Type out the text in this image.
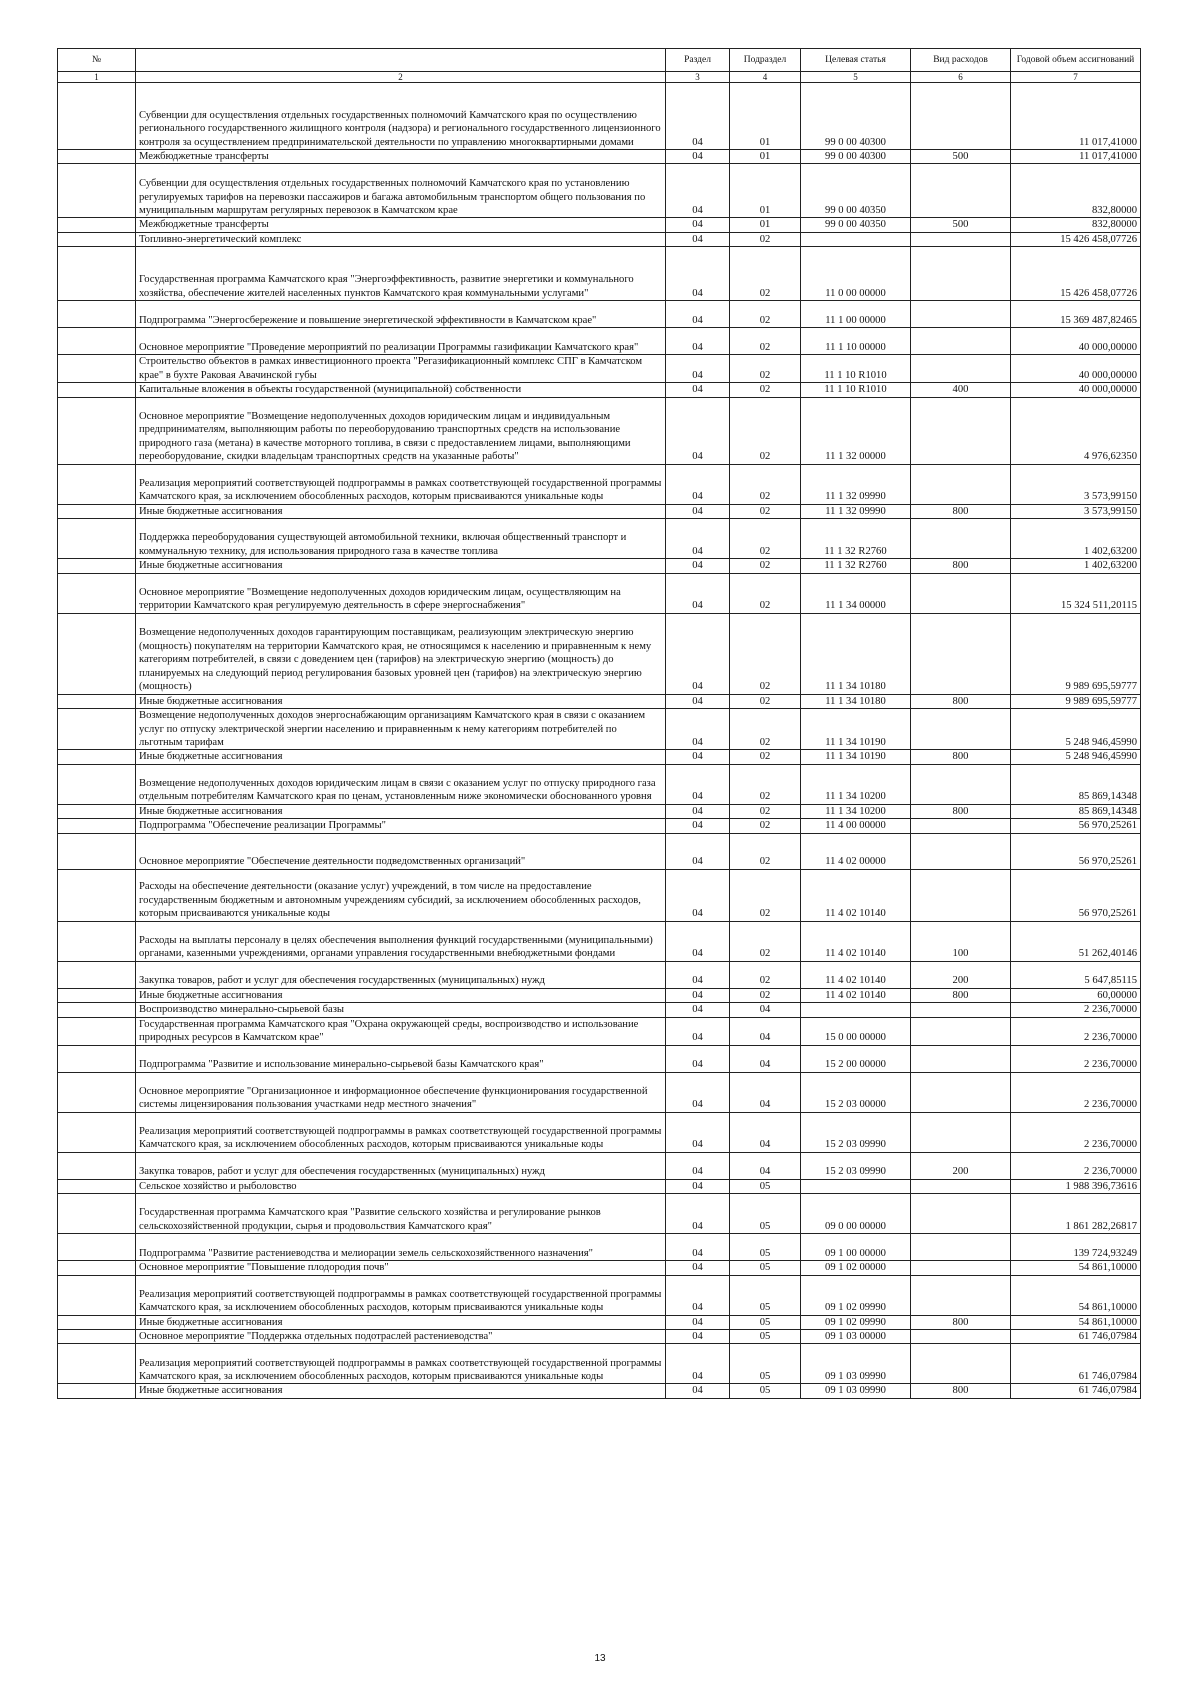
№		Раздел	Подраздел	Целевая статья	Вид расходов	Годовой объем ассигнований
1	2	3	4	5	6	7
	Субвенции для осуществления отдельных государственных полномочий Камчатского края по осуществлению регионального государственного жилищного контроля (надзора) и регионального государственного лицензионного контроля за осуществлением предпринимательской деятельности по управлению многоквартирными домами	04	01	99 0 00 40300		11 017,41000
	Межбюджетные трансферты	04	01	99 0 00 40300	500	11 017,41000
	Субвенции для осуществления отдельных государственных полномочий Камчатского края по установлению регулируемых тарифов на перевозки пассажиров и багажа автомобильным транспортом общего пользования по муниципальным маршрутам регулярных перевозок в Камчатском крае	04	01	99 0 00 40350		832,80000
	Межбюджетные трансферты	04	01	99 0 00 40350	500	832,80000
	Топливно-энергетический комплекс	04	02			15 426 458,07726
	Государственная программа Камчатского края "Энергоэффективность, развитие энергетики и коммунального хозяйства, обеспечение жителей населенных пунктов Камчатского края коммунальными услугами"	04	02	11 0 00 00000		15 426 458,07726
	Подпрограмма "Энергосбережение и повышение энергетической эффективности в Камчатском крае"	04	02	11 1 00 00000		15 369 487,82465
	Основное мероприятие "Проведение мероприятий по реализации Программы газификации Камчатского края"	04	02	11 1 10 00000		40 000,00000
	Строительство объектов в рамках инвестиционного проекта "Регазификационный комплекс СПГ в Камчатском крае" в бухте Раковая Авачинской губы	04	02	11 1 10 R1010		40 000,00000
	Капитальные вложения в объекты государственной (муниципальной) собственности	04	02	11 1 10 R1010	400	40 000,00000
	Основное мероприятие "Возмещение недополученных доходов юридическим лицам и индивидуальным предпринимателям, выполняющим работы по переоборудованию транспортных средств на использование природного газа (метана) в качестве моторного топлива, в связи с предоставлением лицами, выполняющими переоборудование, скидки владельцам транспортных средств на указанные работы"	04	02	11 1 32 00000		4 976,62350
	Реализация мероприятий соответствующей подпрограммы в рамках соответствующей государственной программы Камчатского края, за исключением обособленных расходов, которым присваиваются уникальные коды	04	02	11 1 32 09990		3 573,99150
	Иные бюджетные ассигнования	04	02	11 1 32 09990	800	3 573,99150
	Поддержка переоборудования существующей автомобильной техники, включая общественный транспорт и коммунальную технику, для использования природного газа в качестве топлива	04	02	11 1 32 R2760		1 402,63200
	Иные бюджетные ассигнования	04	02	11 1 32 R2760	800	1 402,63200
	Основное мероприятие "Возмещение недополученных доходов юридическим лицам, осуществляющим на территории Камчатского края регулируемую деятельность в сфере энергоснабжения"	04	02	11 1 34 00000		15 324 511,20115
	Возмещение недополученных доходов гарантирующим поставщикам, реализующим электрическую энергию (мощность) покупателям на территории Камчатского края, не относящимся к населению и приравненным к нему категориям потребителей, в связи с доведением цен (тарифов) на электрическую энергию (мощность) до планируемых на следующий период регулирования базовых уровней цен (тарифов) на электрическую энергию (мощность)	04	02	11 1 34 10180		9 989 695,59777
	Иные бюджетные ассигнования	04	02	11 1 34 10180	800	9 989 695,59777
	Возмещение недополученных доходов энергоснабжающим организациям Камчатского края в связи с оказанием услуг по отпуску электрической энергии населению и приравненным к нему категориям потребителей по льготным тарифам	04	02	11 1 34 10190		5 248 946,45990
	Иные бюджетные ассигнования	04	02	11 1 34 10190	800	5 248 946,45990
	Возмещение недополученных доходов юридическим лицам в связи с оказанием услуг по отпуску природного газа отдельным потребителям Камчатского края по ценам, установленным ниже экономически обоснованного уровня	04	02	11 1 34 10200		85 869,14348
	Иные бюджетные ассигнования	04	02	11 1 34 10200	800	85 869,14348
	Подпрограмма "Обеспечение реализации Программы"	04	02	11 4 00 00000		56 970,25261
	Основное мероприятие "Обеспечение деятельности подведомственных организаций"	04	02	11 4 02 00000		56 970,25261
	Расходы на обеспечение деятельности (оказание услуг) учреждений, в том числе на предоставление государственным бюджетным и автономным учреждениям субсидий, за исключением обособленных расходов, которым присваиваются уникальные коды	04	02	11 4 02 10140		56 970,25261
	Расходы на выплаты персоналу в целях обеспечения выполнения функций государственными (муниципальными) органами, казенными учреждениями, органами управления государственными внебюджетными фондами	04	02	11 4 02 10140	100	51 262,40146
	Закупка товаров, работ и услуг для обеспечения государственных (муниципальных) нужд	04	02	11 4 02 10140	200	5 647,85115
	Иные бюджетные ассигнования	04	02	11 4 02 10140	800	60,00000
	Воспроизводство минерально-сырьевой базы	04	04			2 236,70000
	Государственная программа Камчатского края "Охрана окружающей среды, воспроизводство и использование природных ресурсов в Камчатском крае"	04	04	15 0 00 00000		2 236,70000
	Подпрограмма "Развитие и использование минерально-сырьевой базы Камчатского края"	04	04	15 2 00 00000		2 236,70000
	Основное мероприятие "Организационное и информационное обеспечение функционирования государственной системы лицензирования пользования участками недр местного значения"	04	04	15 2 03 00000		2 236,70000
	Реализация мероприятий соответствующей подпрограммы в рамках соответствующей государственной программы Камчатского края, за исключением обособленных расходов, которым присваиваются уникальные коды	04	04	15 2 03 09990		2 236,70000
	Закупка товаров, работ и услуг для обеспечения государственных (муниципальных) нужд	04	04	15 2 03 09990	200	2 236,70000
	Сельское хозяйство и рыболовство	04	05			1 988 396,73616
	Государственная программа Камчатского края "Развитие сельского хозяйства и регулирование рынков сельскохозяйственной продукции, сырья и продовольствия Камчатского края"	04	05	09 0 00 00000		1 861 282,26817
	Подпрограмма "Развитие растениеводства и мелиорации земель сельскохозяйственного назначения"	04	05	09 1 00 00000		139 724,93249
	Основное мероприятие "Повышение плодородия почв"	04	05	09 1 02 00000		54 861,10000
	Реализация мероприятий соответствующей подпрограммы в рамках соответствующей государственной программы Камчатского края, за исключением обособленных расходов, которым присваиваются уникальные коды	04	05	09 1 02 09990		54 861,10000
	Иные бюджетные ассигнования	04	05	09 1 02 09990	800	54 861,10000
	Основное мероприятие "Поддержка отдельных подотраслей растениеводства"	04	05	09 1 03 00000		61 746,07984
	Реализация мероприятий соответствующей подпрограммы в рамках соответствующей государственной программы Камчатского края, за исключением обособленных расходов, которым присваиваются уникальные коды	04	05	09 1 03 09990		61 746,07984
	Иные бюджетные ассигнования	04	05	09 1 03 09990	800	61 746,07984
13
